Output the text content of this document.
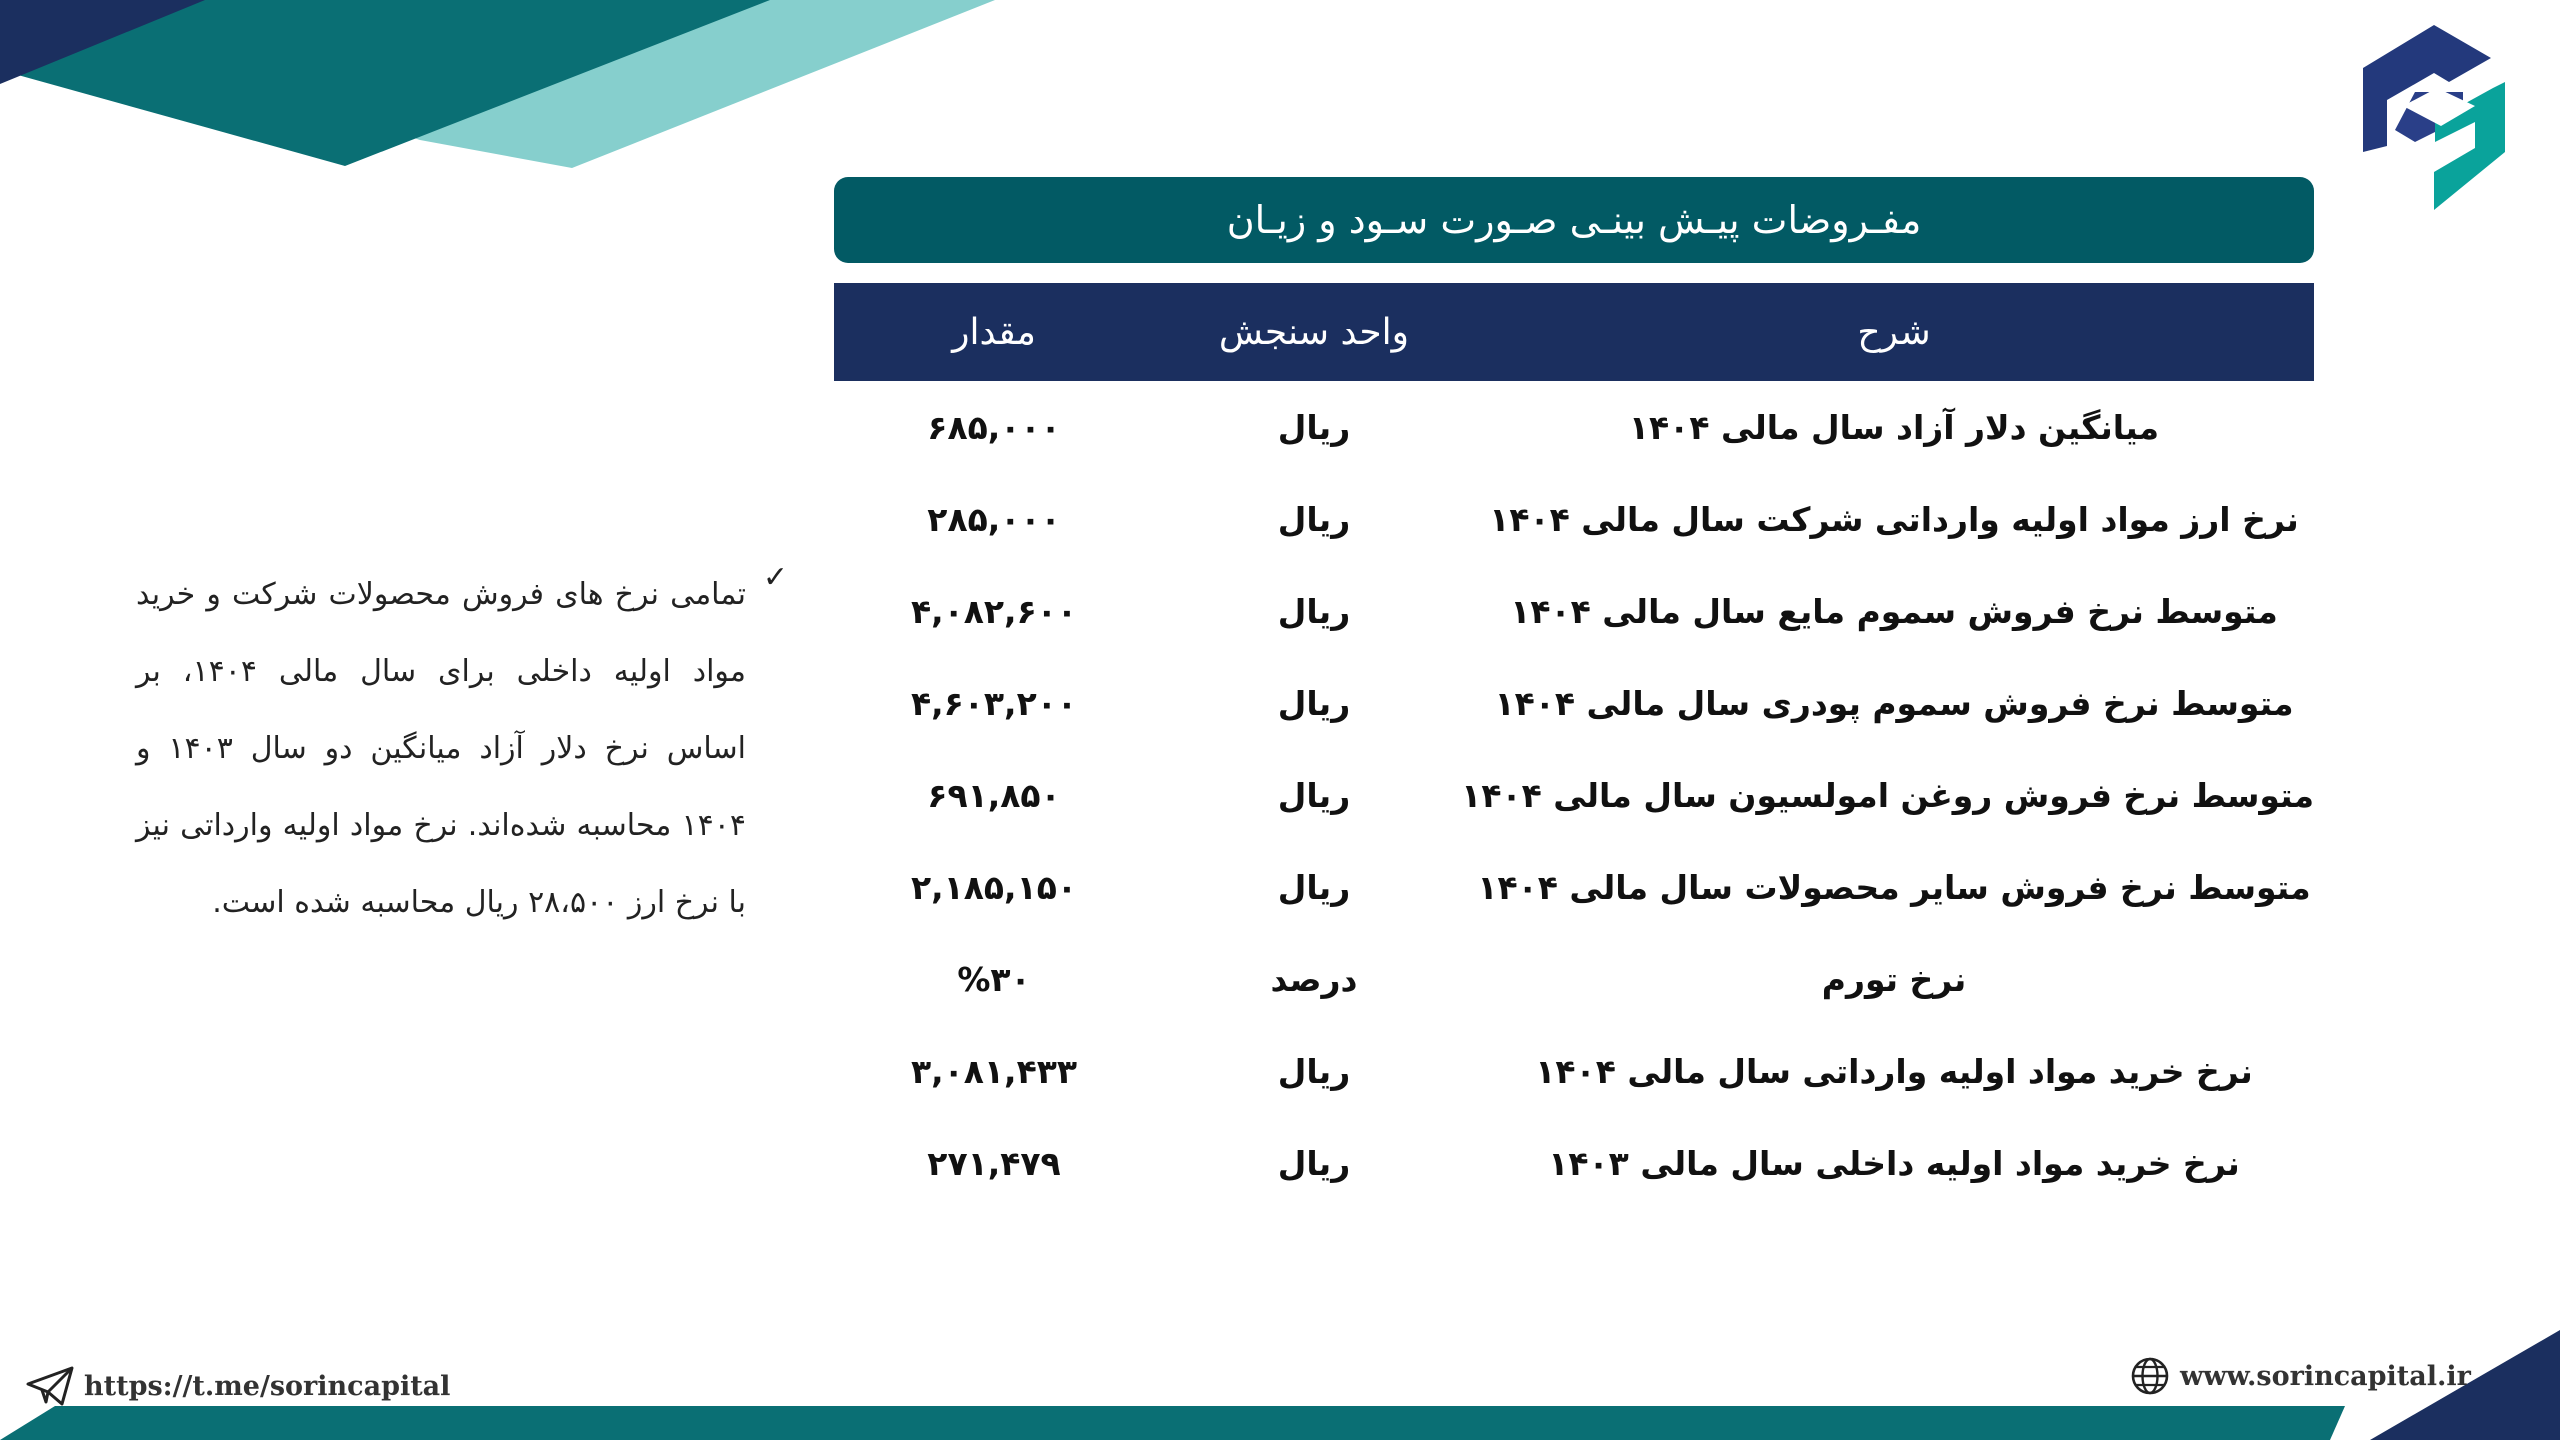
مفـروضات پیـش بینـی صـورت سـود و زیـان
شرح	واحد سنجش	مقدار
میانگین دلار آزاد سال مالی ۱۴۰۴	ریال	۶۸۵,۰۰۰
نرخ ارز مواد اولیه وارداتی شرکت سال مالی ۱۴۰۴	ریال	۲۸۵,۰۰۰
متوسط نرخ فروش سموم مایع سال مالی ۱۴۰۴	ریال	۴,۰۸۲,۶۰۰
متوسط نرخ فروش سموم پودری سال مالی ۱۴۰۴	ریال	۴,۶۰۳,۲۰۰
متوسط نرخ فروش روغن امولسیون سال مالی ۱۴۰۴	ریال	۶۹۱,۸۵۰
متوسط نرخ فروش سایر محصولات سال مالی ۱۴۰۴	ریال	۲,۱۸۵,۱۵۰
نرخ تورم	درصد	%۳۰
نرخ خرید مواد اولیه وارداتی سال مالی ۱۴۰۴	ریال	۳,۰۸۱,۴۳۳
نرخ خرید مواد اولیه داخلی سال مالی ۱۴۰۳	ریال	۲۷۱,۴۷۹
✓

تمامی نرخ های فروش محصولات شرکت و خرید مواد اولیه داخلی برای سال مالی ۱۴۰۴، بر اساس نرخ دلار آزاد میانگین دو سال ۱۴۰۳ و ۱۴۰۴ محاسبه شده‌اند. نرخ مواد اولیه وارداتی نیز با نرخ ارز ۲۸،۵۰۰ ریال محاسبه شده است.

https://t.me/sorincapital	www.sorincapital.ir
